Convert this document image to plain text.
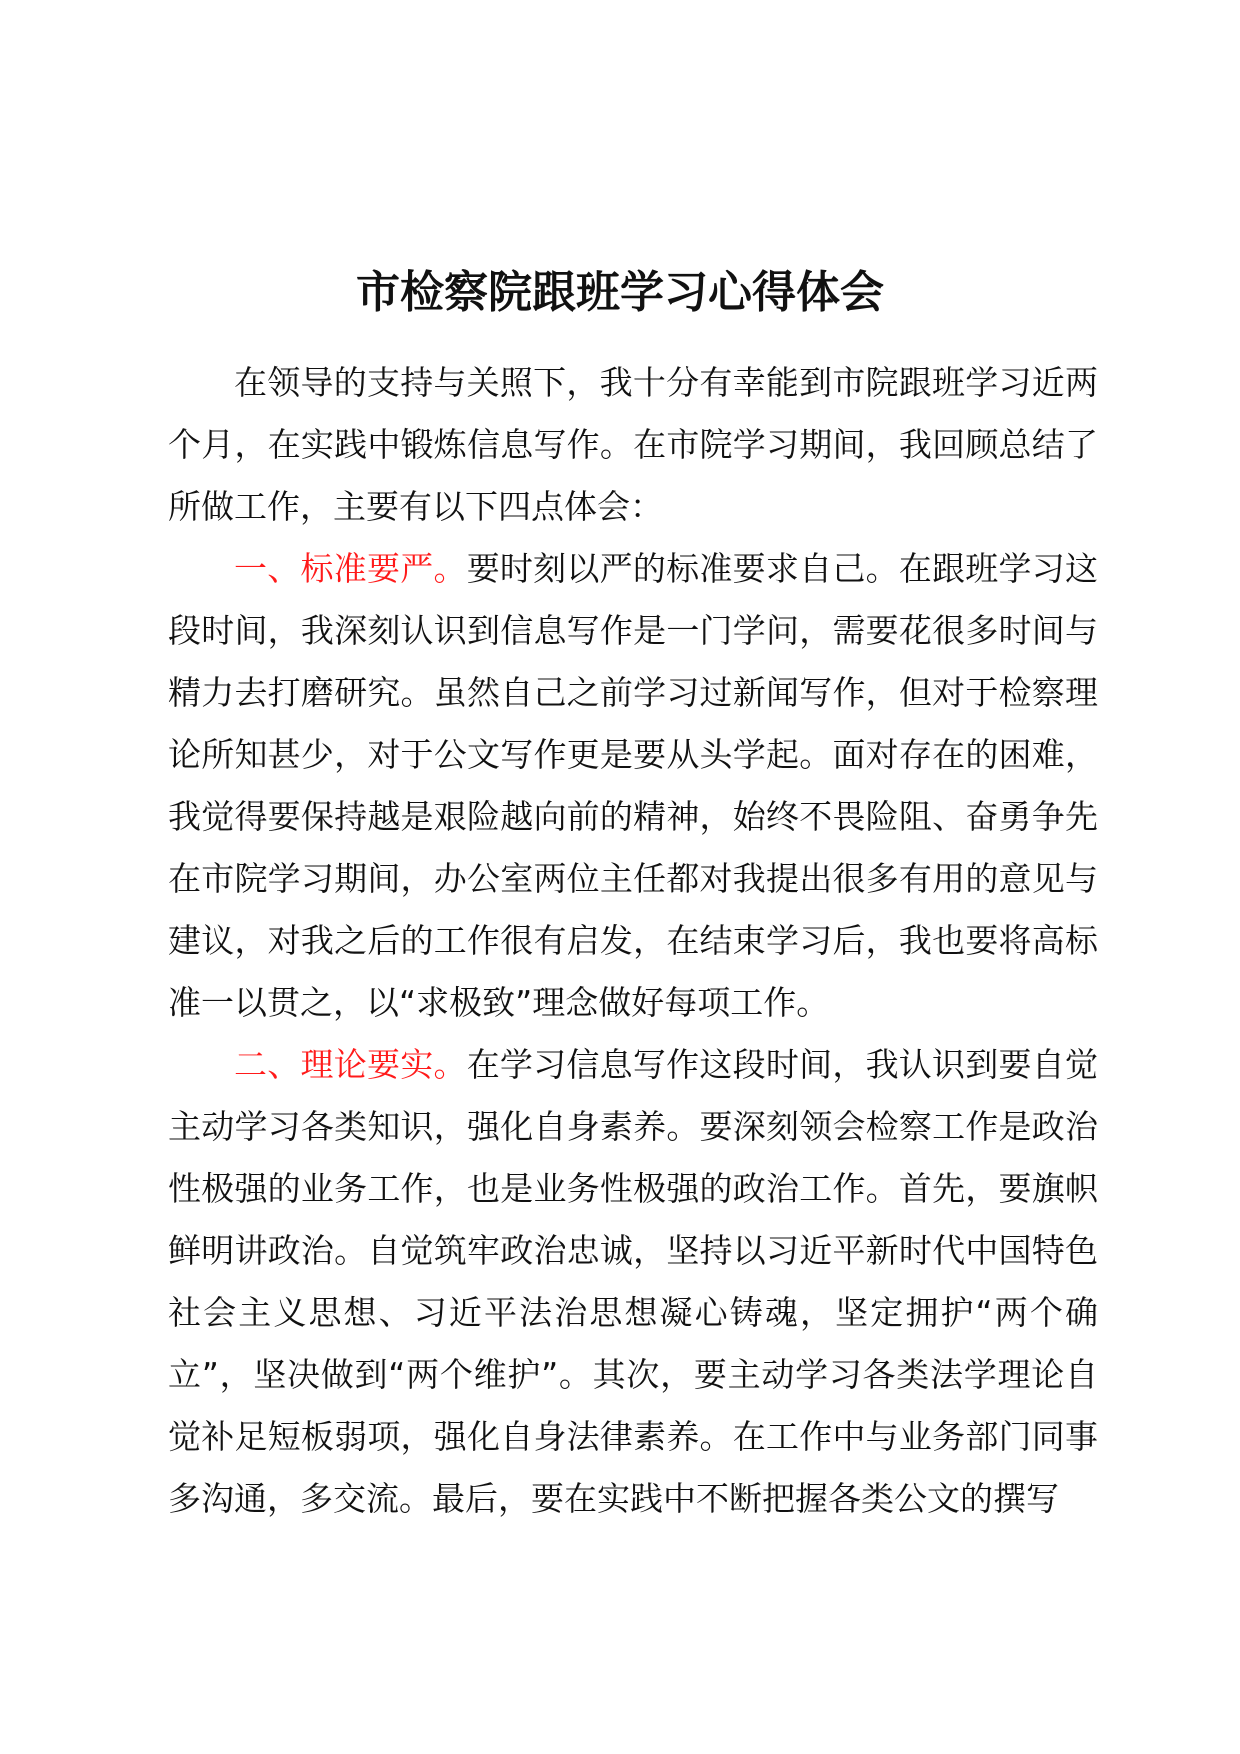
市检察院跟班学习心得体会

在领导的支持与关照下，我十分有幸能到市院跟班学习近两个月，在实践中锻炼信息写作。在市院学习期间，我回顾总结了所做工作，主要有以下四点体会：

一、标准要严。要时刻以严的标准要求自己。在跟班学习这段时间，我深刻认识到信息写作是一门学问，需要花很多时间与精力去打磨研究。虽然自己之前学习过新闻写作，但对于检察理论所知甚少，对于公文写作更是要从头学起。面对存在的困难，我觉得要保持越是艰险越向前的精神，始终不畏险阻、奋勇争先在市院学习期间，办公室两位主任都对我提出很多有用的意见与建议，对我之后的工作很有启发，在结束学习后，我也要将高标准一以贯之，以“求极致”理念做好每项工作。

二、理论要实。在学习信息写作这段时间，我认识到要自觉主动学习各类知识，强化自身素养。要深刻领会检察工作是政治性极强的业务工作，也是业务性极强的政治工作。首先，要旗帜鲜明讲政治。自觉筑牢政治忠诚，坚持以习近平新时代中国特色社会主义思想、习近平法治思想凝心铸魂，坚定拥护“两个确立”，坚决做到“两个维护”。其次，要主动学习各类法学理论自觉补足短板弱项，强化自身法律素养。在工作中与业务部门同事多沟通，多交流。最后，要在实践中不断把握各类公文的撰写
